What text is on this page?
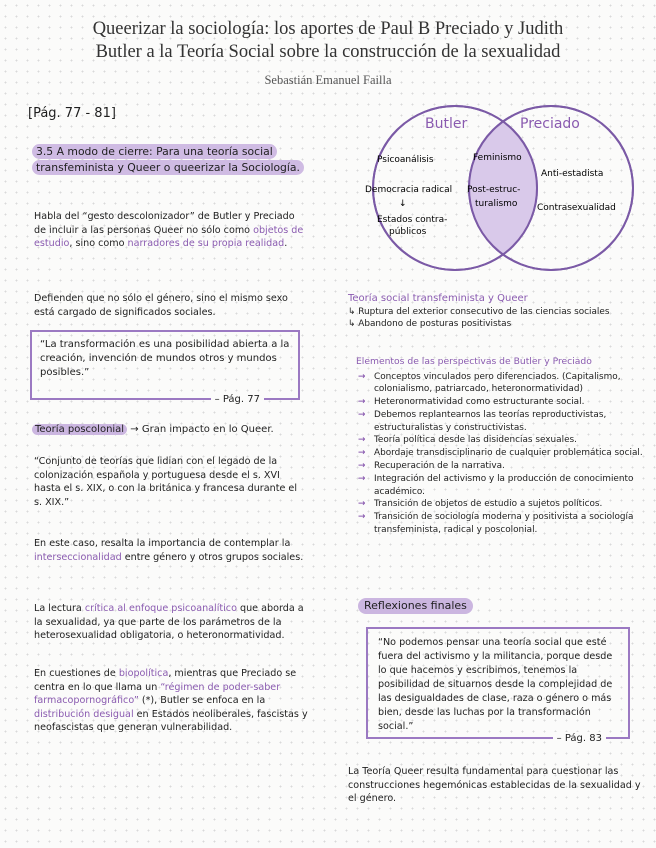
Queerizar la sociología: los aportes de Paul B Preciado y Judith
Butler a la Teoría Social sobre la construcción de la sexualidad
Sebastián Emanuel Failla
[Pág. 77 - 81]
3.5 A modo de cierre: Para una teoría social transfeminista y Queer o queerizar la Sociología.
Habla del “gesto descolonizador” de Butler y Preciado de incluir a las personas Queer no sólo como objetos de estudio, sino como narradores de su propia realidad.
Defienden que no sólo el género, sino el mismo sexo está cargado de significados sociales.
“La transformación es una posibilidad abierta a la creación, invención de mundos otros y mundos posibles.”
– Pág. 77
Teoría poscolonial → Gran impacto en lo Queer.
“Conjunto de teorías que lidian con el legado de la colonización española y portuguesa desde el s. XVI hasta el s. XIX, o con la británica y francesa durante el s. XIX.”
En este caso, resalta la importancia de contemplar la interseccionalidad entre género y otros grupos sociales.
La lectura crítica al enfoque psicoanalítico que aborda a la sexualidad, ya que parte de los parámetros de la heterosexualidad obligatoria, o heteronormatividad.
En cuestiones de biopolítica, mientras que Preciado se centra en lo que llama un “régimen de poder-saber farmacopornográfico” (*), Butler se enfoca en la distribución desigual en Estados neoliberales, fascistas y neofascistas que generan vulnerabilidad.
Butler	Preciado
Psicoanálisis
Democracia radical
↓
Estados contra-
públicos
Feminismo
Post-estruc-
turalismo
Anti-estadista
Contrasexualidad
Teoría social transfeminista y Queer
↳ Ruptura del exterior consecutivo de las ciencias sociales
↳ Abandono de posturas positivistas
Elementos de las perspectivas de Butler y Preciado
→ Conceptos vinculados pero diferenciados. (Capitalismo, colonialismo, patriarcado, heteronormatividad)
→ Heteronormatividad como estructurante social.
→ Debemos replantearnos las teorías reproductivistas, estructuralistas y constructivistas.
→ Teoría política desde las disidencias sexuales.
→ Abordaje transdisciplinario de cualquier problemática social.
→ Recuperación de la narrativa.
→ Integración del activismo y la producción de conocimiento académico.
→ Transición de objetos de estudio a sujetos políticos.
→ Transición de sociología moderna y positivista a sociología transfeminista, radical y poscolonial.
Reflexiones finales
“No podemos pensar una teoría social que esté fuera del activismo y la militancia, porque desde lo que hacemos y escribimos, tenemos la posibilidad de situarnos desde la complejidad de las desigualdades de clase, raza o género o más bien, desde las luchas por la transformación social.”
– Pág. 83
La Teoría Queer resulta fundamental para cuestionar las construcciones hegemónicas establecidas de la sexualidad y el género.
